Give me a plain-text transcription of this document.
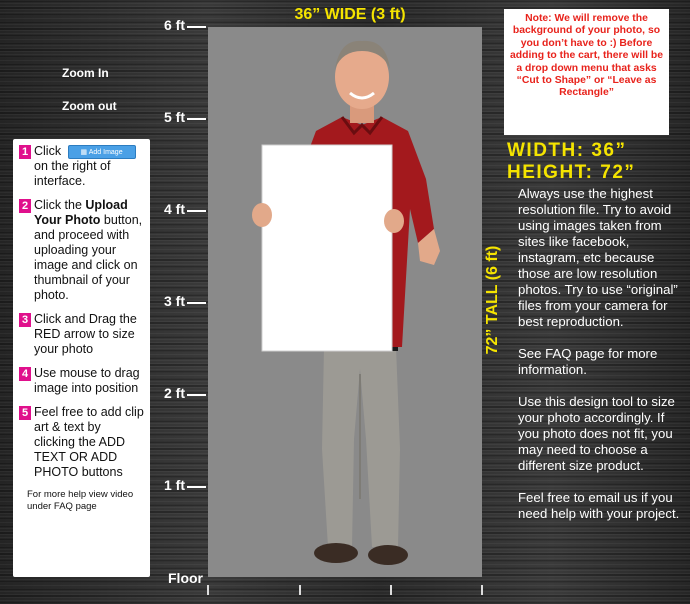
6 ft
5 ft
4 ft
3 ft
2 ft
1 ft
Floor
36” WIDE (3 ft)
72” TALL (6 ft)
Zoom In
Zoom out
1 Click	▦ Add Image on the right of interface.
2 Click the Upload Your Photo button, and proceed with uploading your image and click on thumbnail of your photo.
3 Click and Drag the RED arrow to size your photo
4 Use mouse to drag image into position
5 Feel free to add clip art & text by clicking the ADD TEXT OR ADD PHOTO buttons
For more help view video under FAQ page
Note: We will remove the background of your photo, so you don’t have to :) Before adding to the cart, there will be a drop down menu that asks “Cut to Shape” or “Leave as Rectangle”
WIDTH: 36”
HEIGHT: 72”

Always use the highest resolution file. Try to avoid using images taken from sites like facebook, instagram, etc because those are low resolution photos. Try to use “original” files from your camera for best reproduction.

See FAQ page for more information.

Use this design tool to size your photo accordingly. If you photo does not fit, you may need to choose a different size product.

Feel free to email us if you need help with your project.
